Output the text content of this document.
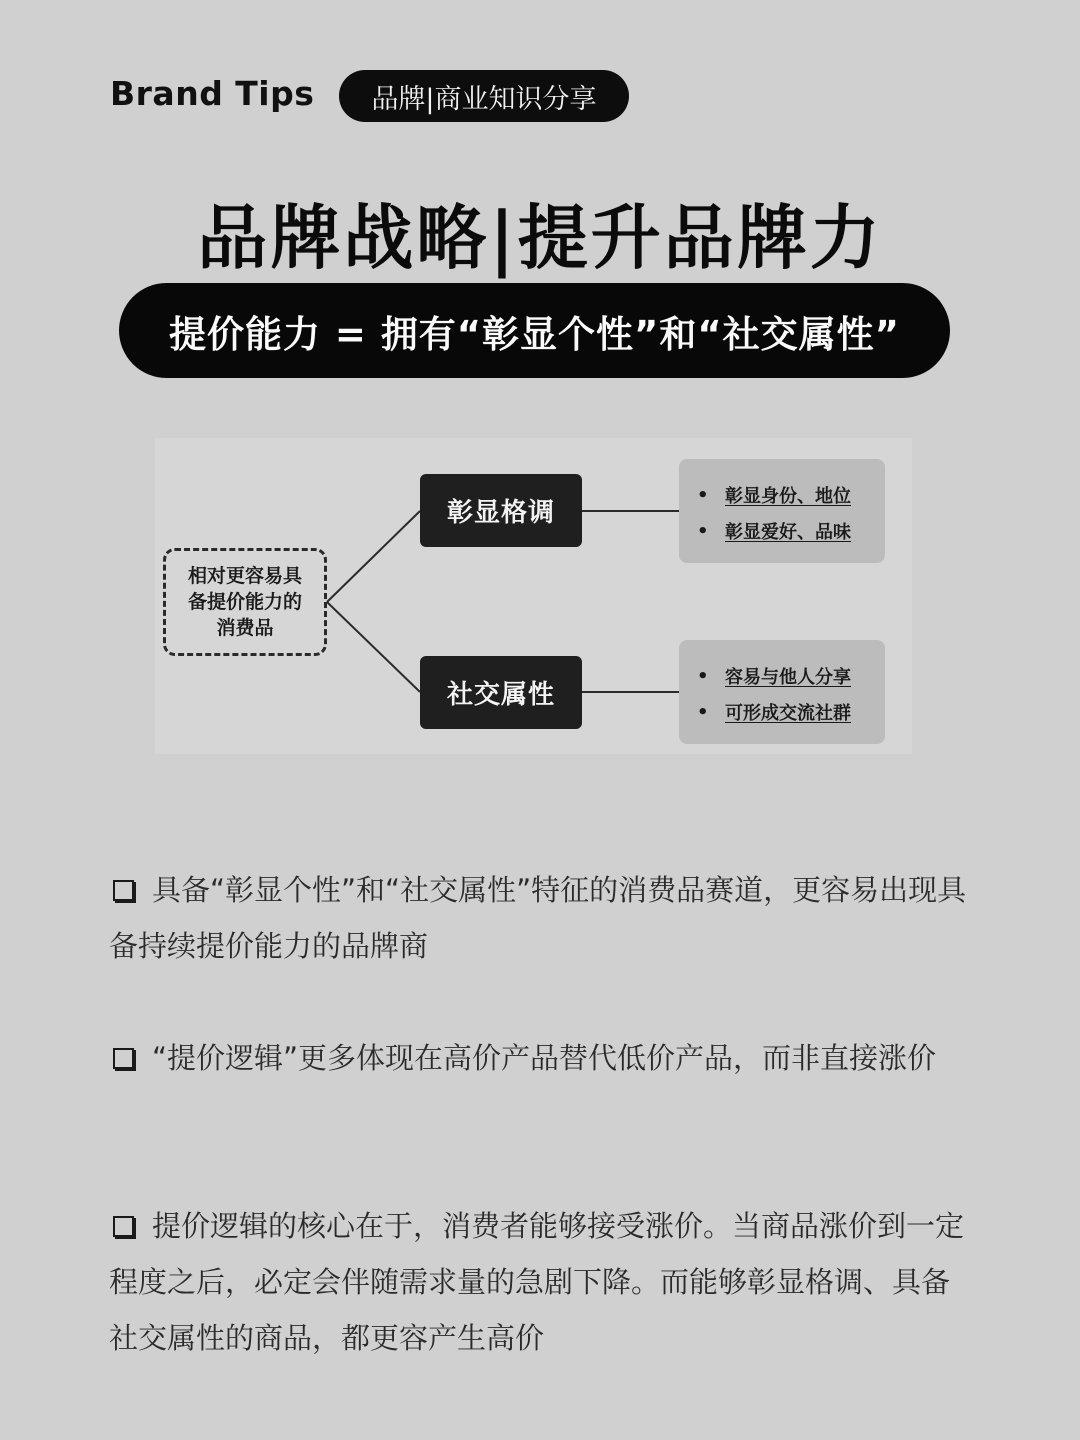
Brand Tips	品牌|商业知识分享
品牌战略|提升品牌力
提价能力 = 拥有“彰显个性”和“社交属性”
相对更容易具备提价能力的消费品
彰显格调
社交属性
• 彰显身份、地位
• 彰显爱好、品味
• 容易与他人分享
• 可形成交流社群
具备“彰显个性”和“社交属性”特征的消费品赛道，更容易出现具备持续提价能力的品牌商
“提价逻辑”更多体现在高价产品替代低价产品，而非直接涨价
提价逻辑的核心在于，消费者能够接受涨价。当商品涨价到一定程度之后，必定会伴随需求量的急剧下降。而能够彰显格调、具备社交属性的商品，都更容产生高价
